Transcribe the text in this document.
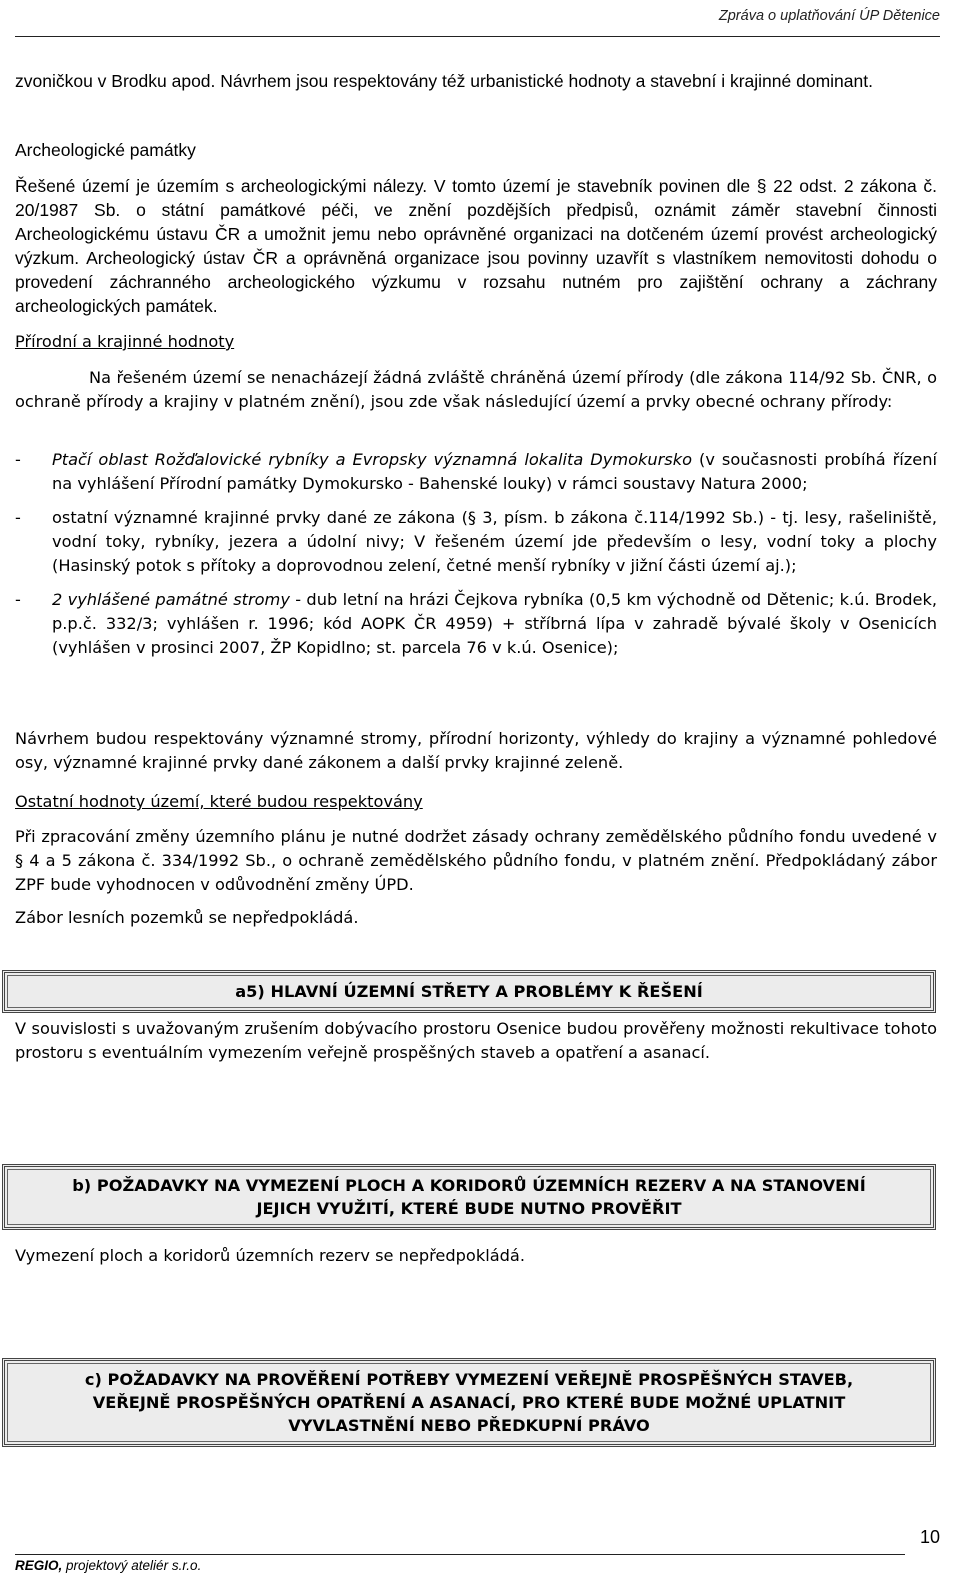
Zpráva o uplatňování ÚP Dětenice

zvoničkou v Brodku apod. Návrhem jsou respektovány též urbanistické hodnoty a stavební i krajinné dominant.

Archeologické památky

Řešené území je územím s archeologickými nálezy. V tomto území je stavebník povinen dle § 22 odst. 2 zákona č. 20/1987 Sb. o státní památkové péči, ve znění pozdějších předpisů, oznámit záměr stavební činnosti Archeologickému ústavu ČR a umožnit jemu nebo oprávněné organizaci na dotčeném území provést archeologický výzkum. Archeologický ústav ČR a oprávněná organizace jsou povinny uzavřít s vlastníkem nemovitosti dohodu o provedení záchranného archeologického výzkumu v rozsahu nutném pro zajištění ochrany a záchrany archeologických památek.

Přírodní a krajinné hodnoty

Na řešeném území se nenacházejí žádná zvláště chráněná území přírody (dle zákona 114/92 Sb. ČNR, o ochraně přírody a krajiny v platném znění), jsou zde však následující území a prvky obecné ochrany přírody:

- Ptačí oblast Rožďalovické rybníky a Evropsky významná lokalita Dymokursko (v současnosti probíhá řízení na vyhlášení Přírodní památky Dymokursko - Bahenské louky) v rámci soustavy Natura 2000;

- ostatní významné krajinné prvky dané ze zákona (§ 3, písm. b zákona č.114/1992 Sb.) - tj. lesy, rašeliniště, vodní toky, rybníky, jezera a údolní nivy; V řešeném území jde především o lesy, vodní toky a plochy (Hasinský potok s přítoky a doprovodnou zelení, četné menší rybníky v jižní části území aj.);

- 2 vyhlášené památné stromy - dub letní na hrázi Čejkova rybníka (0,5 km východně od Dětenic; k.ú. Brodek, p.p.č. 332/3; vyhlášen r. 1996; kód AOPK ČR 4959) + stříbrná lípa v zahradě bývalé školy v Osenicích (vyhlášen v prosinci 2007, ŽP Kopidlno; st. parcela 76 v k.ú. Osenice);

Návrhem budou respektovány významné stromy, přírodní horizonty, výhledy do krajiny a významné pohledové osy, významné krajinné prvky dané zákonem a další prvky krajinné zeleně.

Ostatní hodnoty území, které budou respektovány

Při zpracování změny územního plánu je nutné dodržet zásady ochrany zemědělského půdního fondu uvedené v § 4 a 5 zákona č. 334/1992 Sb., o ochraně zemědělského půdního fondu, v platném znění. Předpokládaný zábor ZPF bude vyhodnocen v odůvodnění změny ÚPD.

Zábor lesních pozemků se nepředpokládá.

a5) HLAVNÍ ÚZEMNÍ STŘETY A PROBLÉMY K ŘEŠENÍ

V souvislosti s uvažovaným zrušením dobývacího prostoru Osenice budou prověřeny možnosti rekultivace tohoto prostoru s eventuálním vymezením veřejně prospěšných staveb a opatření a asanací.

b) POŽADAVKY NA VYMEZENÍ PLOCH A KORIDORŮ ÚZEMNÍCH REZERV A NA STANOVENÍ
JEJICH VYUŽITÍ, KTERÉ BUDE NUTNO PROVĚŘIT

Vymezení ploch a koridorů územních rezerv se nepředpokládá.

c) POŽADAVKY NA PROVĚŘENÍ POTŘEBY VYMEZENÍ VEŘEJNĚ PROSPĚŠNÝCH STAVEB,
VEŘEJNĚ PROSPĚŠNÝCH OPATŘENÍ A ASANACÍ, PRO KTERÉ BUDE MOŽNÉ UPLATNIT
VYVLASTNĚNÍ NEBO PŘEDKUPNÍ PRÁVO
10
REGIO, projektový ateliér s.r.o.
